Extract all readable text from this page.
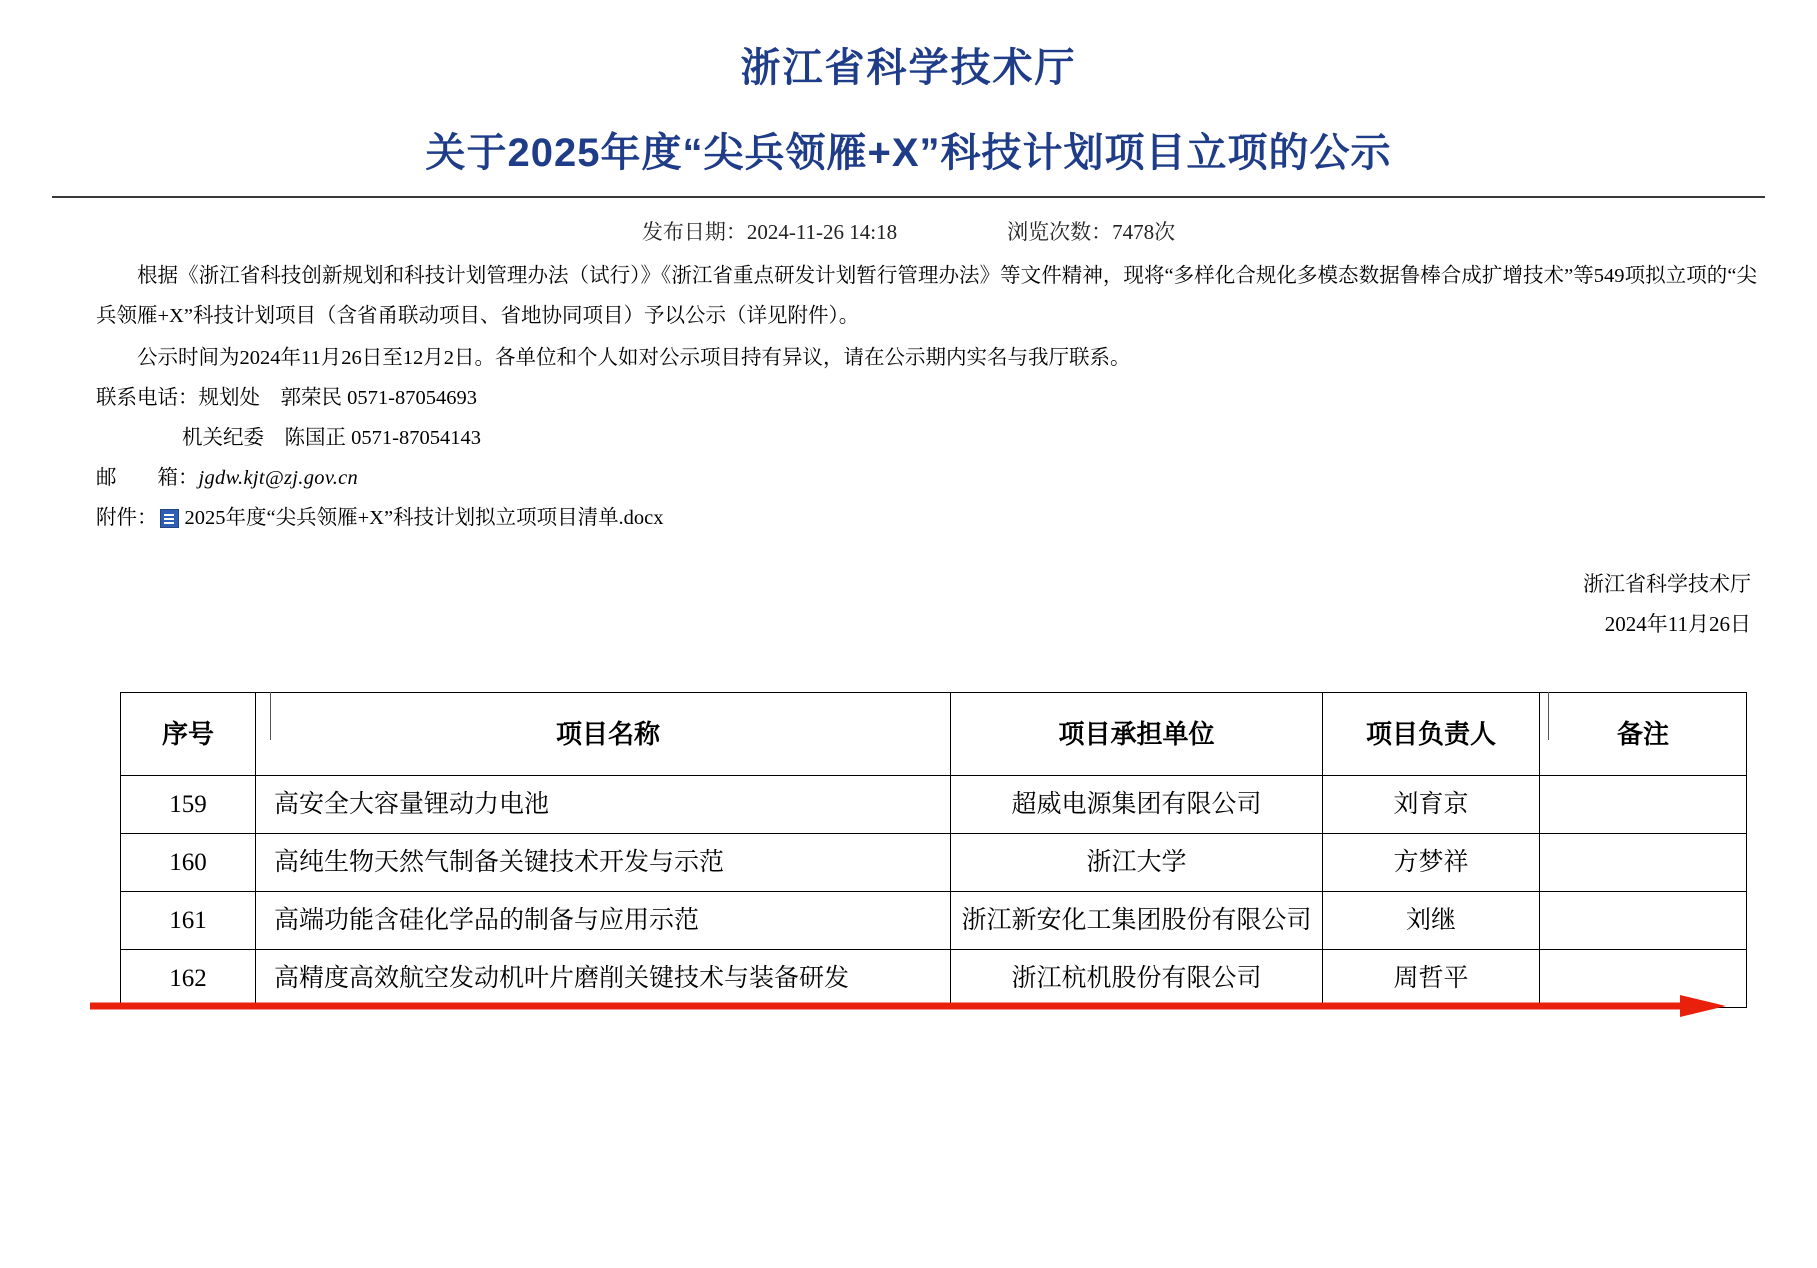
浙江省科学技术厅
关于2025年度“尖兵领雁+X”科技计划项目立项的公示
发布日期：2024-11-26 14:18	浏览次数：7478次

根据《浙江省科技创新规划和科技计划管理办法（试行）》《浙江省重点研发计划暂行管理办法》等文件精神，现将“多样化合规化多模态数据鲁棒合成扩增技术”等549项拟立项的“尖兵领雁+X”科技计划项目（含省甬联动项目、省地协同项目）予以公示（详见附件）。

公示时间为2024年11月26日至12月2日。各单位和个人如对公示项目持有异议，请在公示期内实名与我厅联系。

联系电话：规划处　郭荣民 0571-87054693

机关纪委　陈国正 0571-87054143

邮　　箱：jgdw.kjt@zj.gov.cn

附件： 2025年度“尖兵领雁+X”科技计划拟立项项目清单.docx

浙江省科学技术厅
2024年11月26日
序号	项目名称	项目承担单位	项目负责人	备注
159	高安全大容量锂动力电池	超威电源集团有限公司	刘育京	
160	高纯生物天然气制备关键技术开发与示范	浙江大学	方梦祥	
161	高端功能含硅化学品的制备与应用示范	浙江新安化工集团股份有限公司	刘继	
162	高精度高效航空发动机叶片磨削关键技术与装备研发	浙江杭机股份有限公司	周哲平	
